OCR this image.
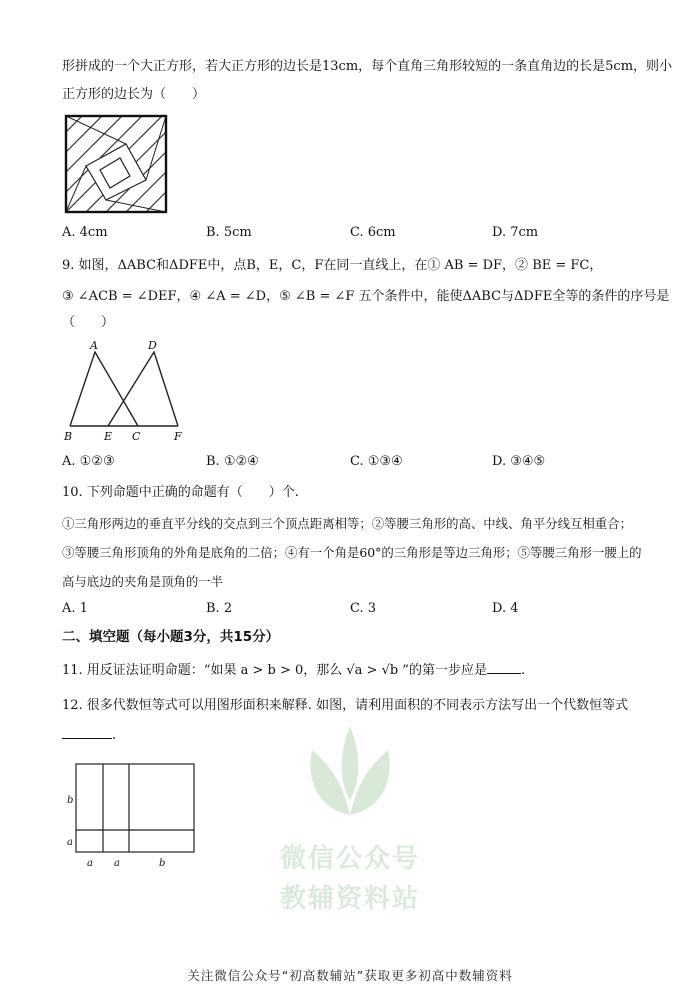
形拼成的一个大正方形，若大正方形的边长是13cm，每个直角三角形较短的一条直角边的长是5cm，则小
正方形的边长为（　　）
A. 4cm	B. 5cm	C. 6cm	D. 7cm
9. 如图，ΔABC和ΔDFE中，点B，E，C，F在同一直线上，在① AB = DF，② BE = FC，
③ ∠ACB = ∠DEF，④ ∠A = ∠D，⑤ ∠B = ∠F 五个条件中，能使ΔABC与ΔDFE全等的条件的序号是
（　　）
A	D
B	E C	F
A. ①②③	B. ①②④	C. ①③④	D. ③④⑤
10. 下列命题中正确的命题有（　　）个.
①三角形两边的垂直平分线的交点到三个顶点距离相等；②等腰三角形的高、中线、角平分线互相重合；
③等腰三角形顶角的外角是底角的二倍；④有一个角是60°的三角形是等边三角形；⑤等腰三角形一腰上的
高与底边的夹角是顶角的一半
A. 1	B. 2	C. 3	D. 4
二、填空题（每小题3分，共15分）
11. 用反证法证明命题：“如果 a > b > 0，那么 √a > √b ”的第一步应是	.
12. 很多代数恒等式可以用图形面积来解释. 如图，请利用面积的不同表示方法写出一个代数恒等式
.
b
a
a a	b	微信公众号
教辅资料站
关注微信公众号“初高数辅站”获取更多初高中数辅资料
